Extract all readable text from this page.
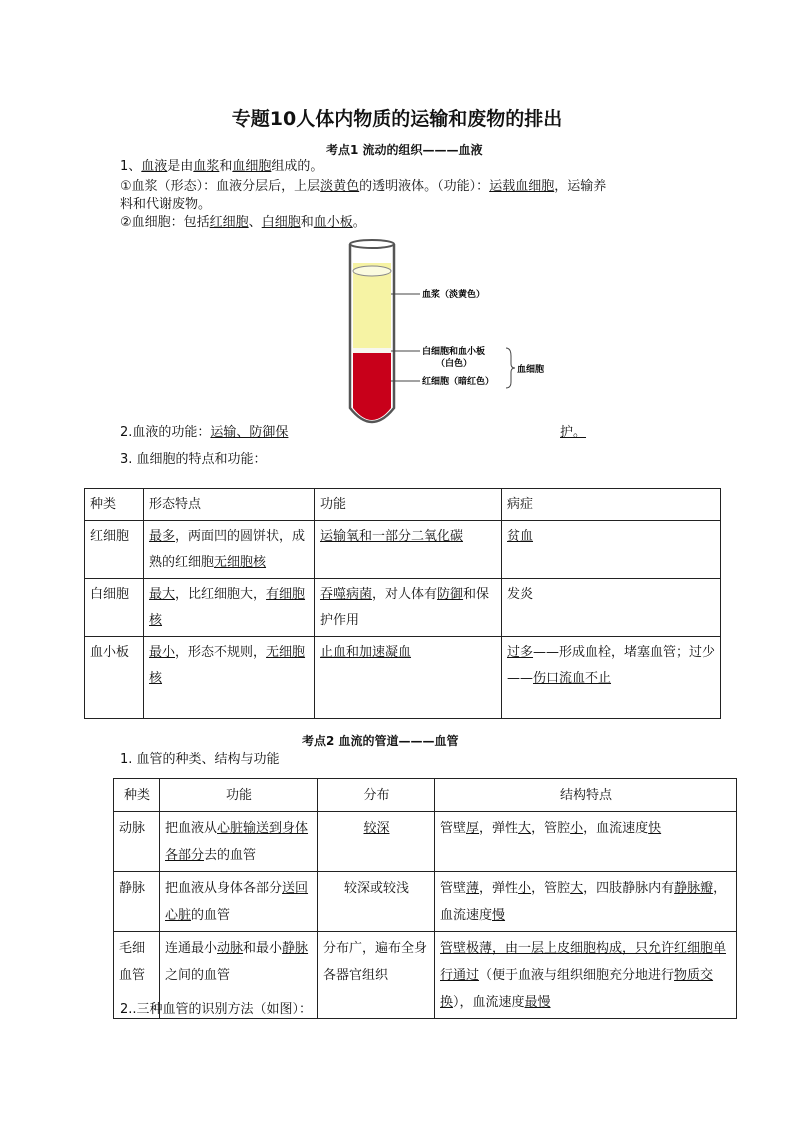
专题10人体内物质的运输和废物的排出
考点1 流动的组织———血液
1、血液是由血浆和血细胞组成的。
①血浆（形态）：血液分层后，上层淡黄色的透明液体。（功能）：运载血细胞，运输养
料和代谢废物。
②血细胞：包括红细胞、白细胞和血小板。
血浆（淡黄色）
白细胞和血小板
（白色）
红细胞（暗红色）
血细胞
2.血液的功能：运输、防御保	护。
3. 血细胞的特点和功能：
种类	形态特点	功能	病症
红细胞	最多，两面凹的圆饼状，成熟的红细胞无细胞核	运输氧和一部分二氧化碳	贫血
白细胞	最大，比红细胞大，有细胞核	吞噬病菌，对人体有防御和保护作用	发炎
血小板	最小，形态不规则，无细胞核	止血和加速凝血	过多——形成血栓，堵塞血管；过少——伤口流血不止
考点2 血流的管道———血管
1. 血管的种类、结构与功能
种类	功能	分布	结构特点
动脉	把血液从心脏输送到身体各部分去的血管	较深	管壁厚，弹性大，管腔小，血流速度快
静脉	把血液从身体各部分送回心脏的血管	较深或较浅	管壁薄，弹性小，管腔大，四肢静脉内有静脉瓣，血流速度慢
毛细血管	连通最小动脉和最小静脉之间的血管	分布广，遍布全身各器官组织	管壁极薄，由一层上皮细胞构成，只允许红细胞单行通过（便于血液与组织细胞充分地进行物质交换），血流速度最慢
2..三种血管的识别方法（如图）：
